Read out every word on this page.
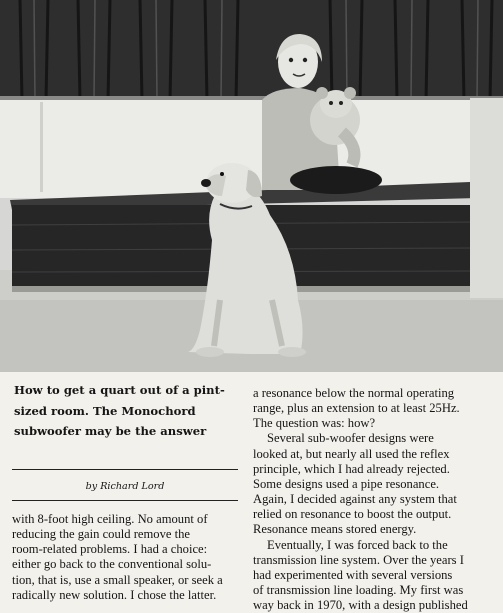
How to get a quart out of a pint-
sized room. The Monochord
subwoofer may be the answer

by Richard Lord

with 8-foot high ceiling. No amount of
reducing the gain could remove the
room-related problems. I had a choice:
either go back to the conventional solu-
tion, that is, use a small speaker, or seek a
radically new solution. I chose the latter.

a resonance below the normal operating
range, plus an extension to at least 25Hz.
The question was: how?

Several sub-woofer designs were
looked at, but nearly all used the reflex
principle, which I had already rejected.
Some designs used a pipe resonance.
Again, I decided against any system that
relied on resonance to boost the output.
Resonance means stored energy.

Eventually, I was forced back to the
transmission line system. Over the years I
had experimented with several versions
of transmission line loading. My first was
way back in 1970, with a design published
